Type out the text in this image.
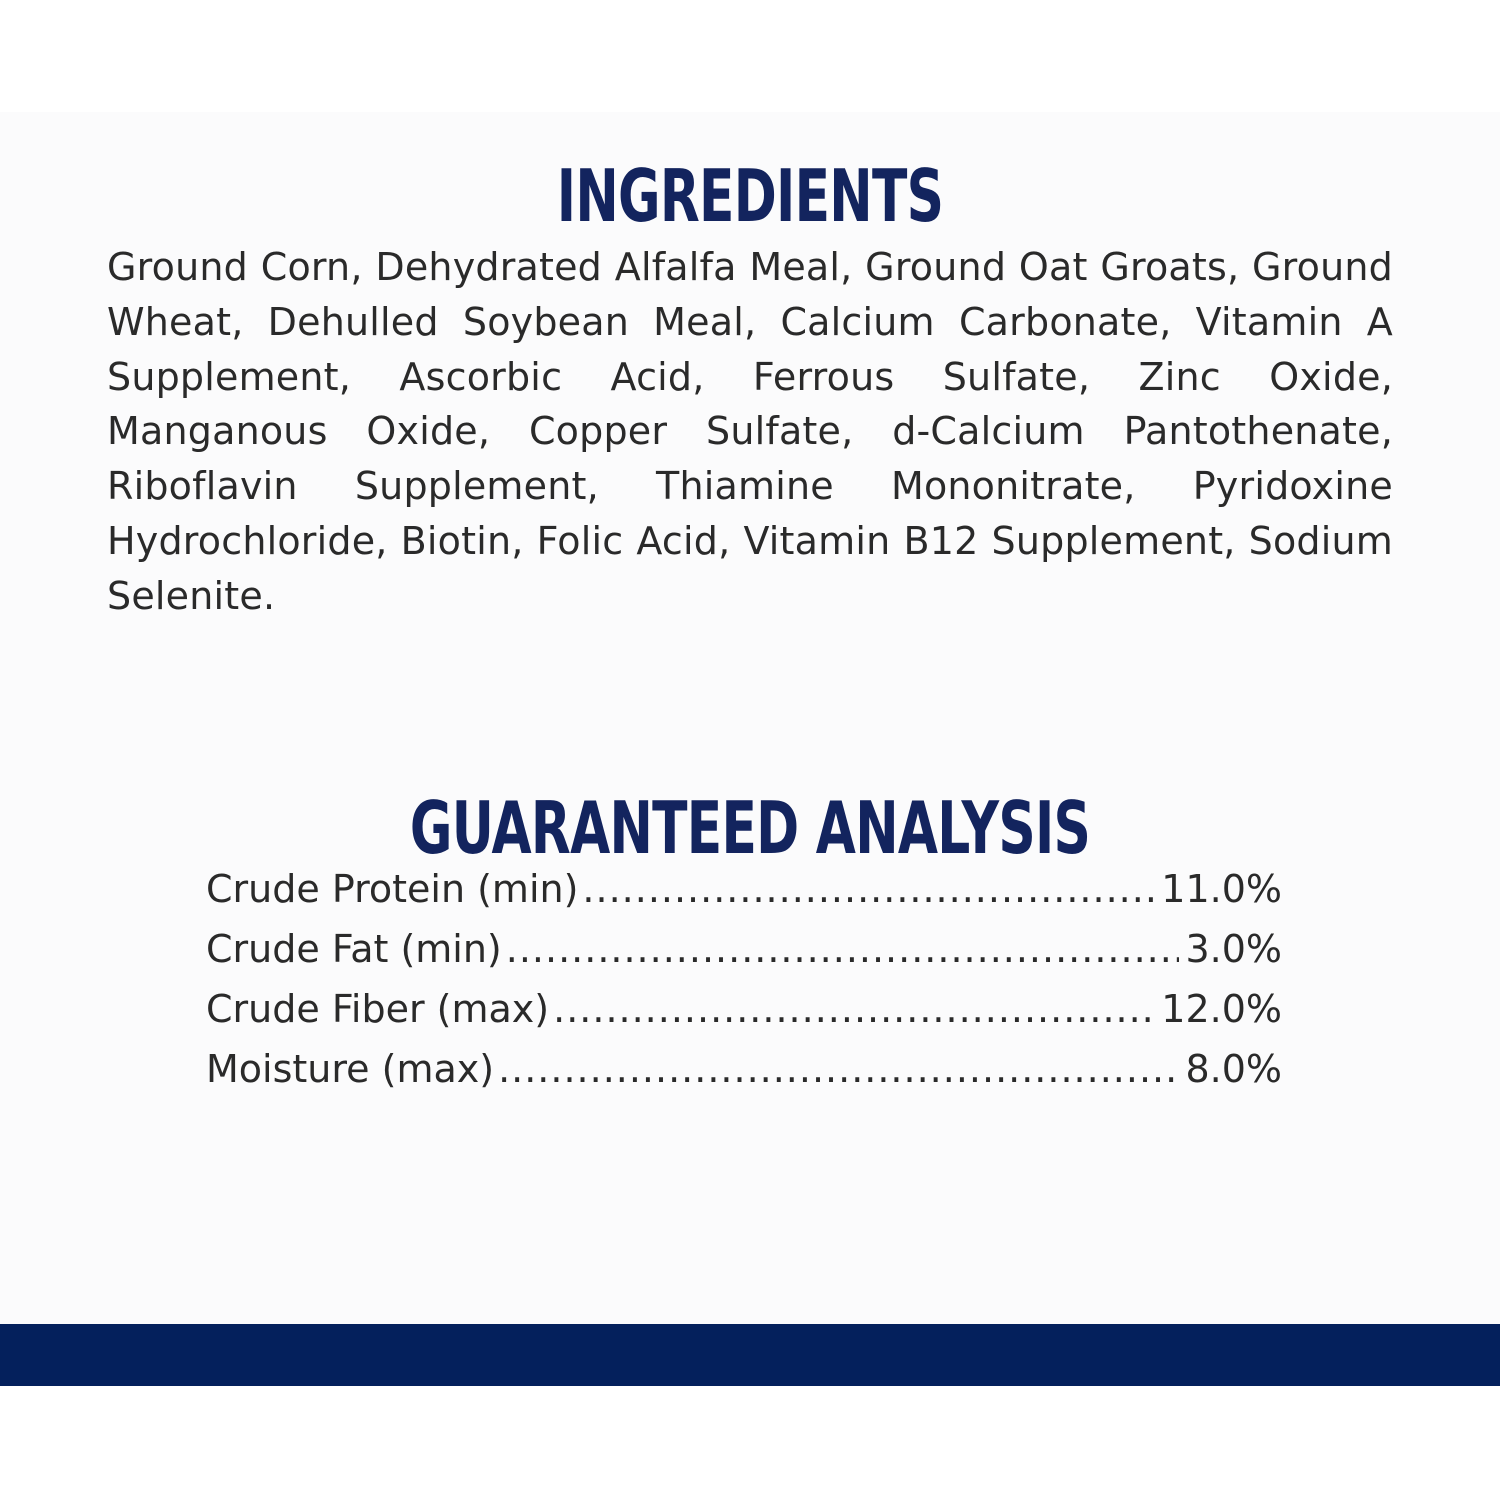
INGREDIENTS

Ground Corn, Dehydrated Alfalfa Meal, Ground Oat Groats, Ground Wheat, Dehulled Soybean Meal, Calcium Carbonate, Vitamin A Supplement, Ascorbic Acid, Ferrous Sulfate, Zinc Oxide, Manganous Oxide, Copper Sulfate, d-Calcium Pantothenate, Riboflavin Supplement, Thiamine Mononitrate, Pyridoxine Hydrochloride, Biotin, Folic Acid, Vitamin B12 Supplement, Sodium Selenite.

GUARANTEED ANALYSIS
Crude Protein (min) .....	11.0%
Crude Fat (min) .....	3.0%
Crude Fiber (max) .....	12.0%
Moisture (max) .....	8.0%
